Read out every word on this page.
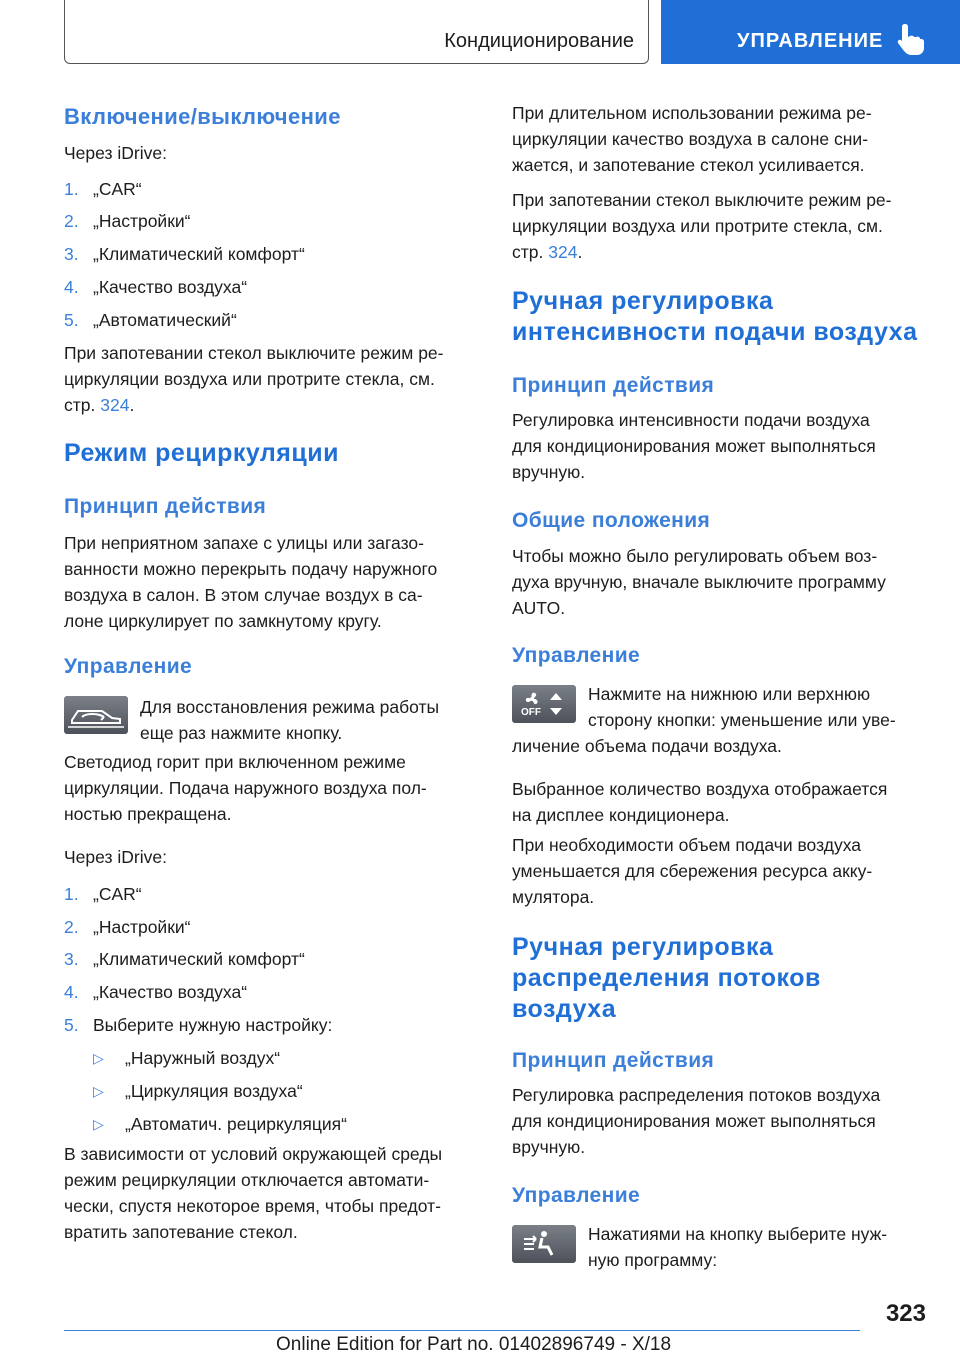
Кондиционирование	УПРАВЛЕНИЕ
Включение/выключение
Через iDrive:
1. „CAR“
2. „Настройки“
3. „Климатический комфорт“
4. „Качество воздуха“
5. „Автоматический“
При запотевании стекол выключите режим ре-
циркуляции воздуха или протрите стекла, см.
стр. 324.
Режим рециркуляции
Принцип действия
При неприятном запахе с улицы или загазо-
ванности можно перекрыть подачу наружного
воздуха в салон. В этом случае воздух в са-
лоне циркулирует по замкнутому кругу.
Управление
Для восстановления режима работы
еще раз нажмите кнопку.
Светодиод горит при включенном режиме
циркуляции. Подача наружного воздуха пол-
ностью прекращена.
Через iDrive:
1. „CAR“
2. „Настройки“
3. „Климатический комфорт“
4. „Качество воздуха“
5. Выберите нужную настройку:
▷ „Наружный воздух“
▷ „Циркуляция воздуха“
▷ „Автоматич. рециркуляция“
В зависимости от условий окружающей среды
режим рециркуляции отключается автомати-
чески, спустя некоторое время, чтобы предот-
вратить запотевание стекол.
При длительном использовании режима ре-
циркуляции качество воздуха в салоне сни-
жается, и запотевание стекол усиливается.
При запотевании стекол выключите режим ре-
циркуляции воздуха или протрите стекла, см.
стр. 324.
Ручная регулировка
интенсивности подачи воздуха
Принцип действия
Регулировка интенсивности подачи воздуха
для кондиционирования может выполняться
вручную.
Общие положения
Чтобы можно было регулировать объем воз-
духа вручную, вначале выключите программу
AUTO.
Управление
OFF
Нажмите на нижнюю или верхнюю
сторону кнопки: уменьшение или уве-
личение объема подачи воздуха.
Выбранное количество воздуха отображается
на дисплее кондиционера.
При необходимости объем подачи воздуха
уменьшается для сбережения ресурса акку-
мулятора.
Ручная регулировка
распределения потоков
воздуха
Принцип действия
Регулировка распределения потоков воздуха
для кондиционирования может выполняться
вручную.
Управление
Нажатиями на кнопку выберите нуж-
ную программу:
323
Online Edition for Part no. 01402896749 - X/18
